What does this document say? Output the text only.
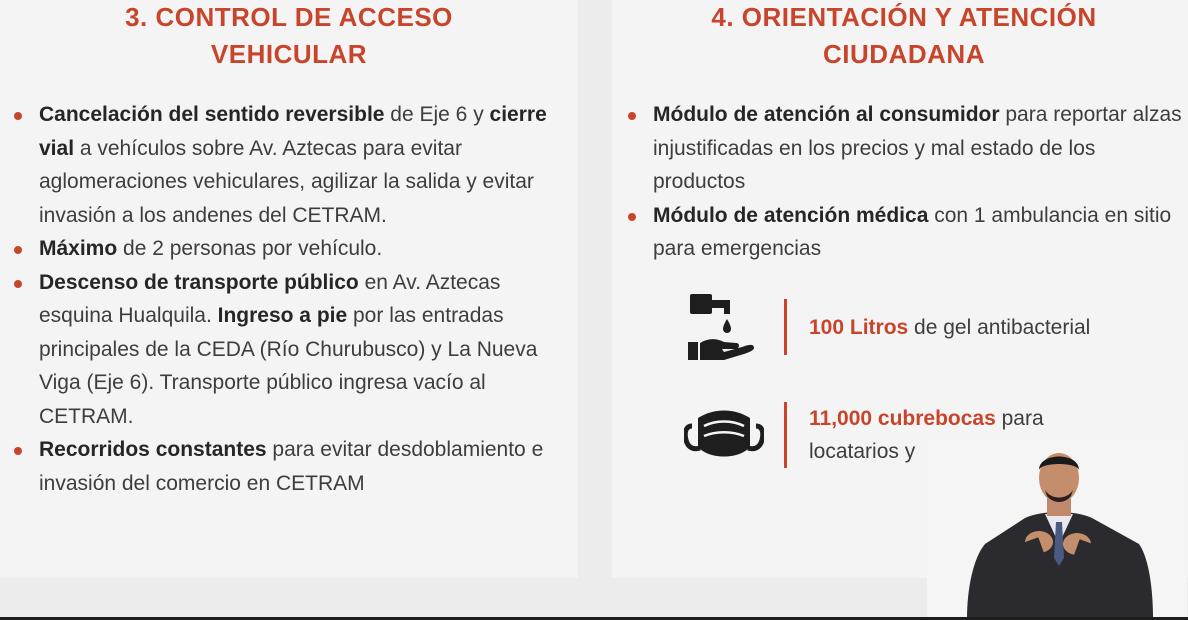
3. CONTROL DE ACCESO
VEHICULAR
Cancelación del sentido reversible de Eje 6 y cierre vial a vehículos sobre Av. Aztecas para evitar aglomeraciones vehiculares, agilizar la salida y evitar invasión a los andenes del CETRAM.
Máximo de 2 personas por vehículo.
Descenso de transporte público en Av. Aztecas esquina Hualquila. Ingreso a pie por las entradas principales de la CEDA (Río Churubusco) y La Nueva Viga (Eje 6). Transporte público ingresa vacío al CETRAM.
Recorridos constantes para evitar desdoblamiento e invasión del comercio en CETRAM
4. ORIENTACIÓN Y ATENCIÓN
CIUDADANA
Módulo de atención al consumidor para reportar alzas injustificadas en los precios y mal estado de los productos
Módulo de atención médica con 1 ambulancia en sitio para emergencias
100 Litros de gel antibacterial
11,000 cubrebocas para
locatarios y
